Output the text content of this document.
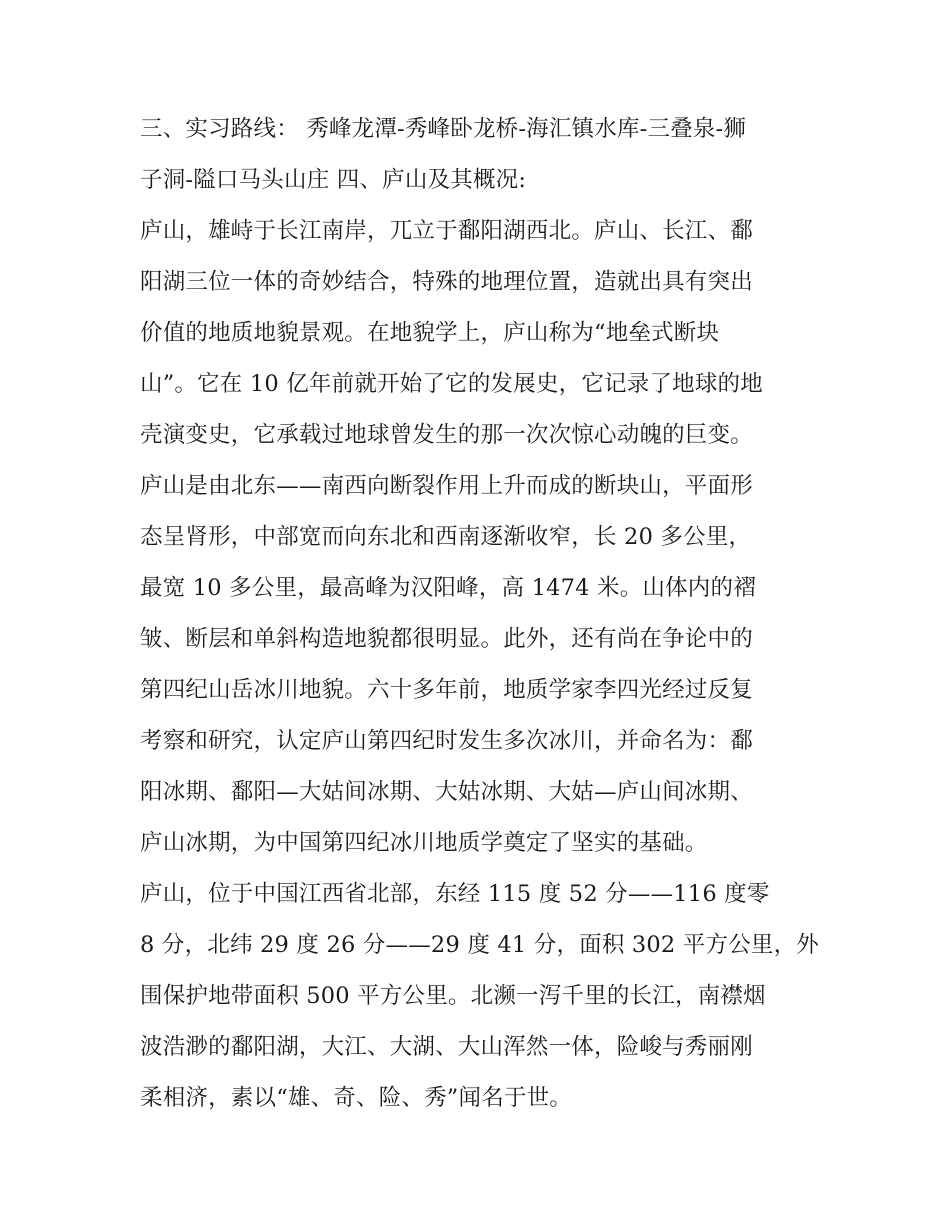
三、实习路线： 秀峰龙潭-秀峰卧龙桥-海汇镇水库-三叠泉-狮
子洞-隘口马头山庄 四、庐山及其概况:
庐山，雄峙于长江南岸，兀立于鄱阳湖西北。庐山、长江、鄱
阳湖三位一体的奇妙结合，特殊的地理位置，造就出具有突出
价值的地质地貌景观。在地貌学上，庐山称为“地垒式断块
山”。它在 10 亿年前就开始了它的发展史，它记录了地球的地
壳演变史，它承载过地球曾发生的那一次次惊心动魄的巨变。
庐山是由北东——南西向断裂作用上升而成的断块山，平面形
态呈肾形，中部宽而向东北和西南逐渐收窄，长 20 多公里，
最宽 10 多公里，最高峰为汉阳峰，高 1474 米。山体内的褶
皱、断层和单斜构造地貌都很明显。此外，还有尚在争论中的
第四纪山岳冰川地貌。六十多年前，地质学家李四光经过反复
考察和研究，认定庐山第四纪时发生多次冰川，并命名为：鄱
阳冰期、鄱阳—大姑间冰期、大姑冰期、大姑—庐山间冰期、
庐山冰期，为中国第四纪冰川地质学奠定了坚实的基础。
庐山，位于中国江西省北部，东经 115 度 52 分——116 度零
8 分，北纬 29 度 26 分——29 度 41 分，面积 302 平方公里，外
围保护地带面积 500 平方公里。北濒一泻千里的长江，南襟烟
波浩渺的鄱阳湖，大江、大湖、大山浑然一体，险峻与秀丽刚
柔相济，素以“雄、奇、险、秀”闻名于世。
